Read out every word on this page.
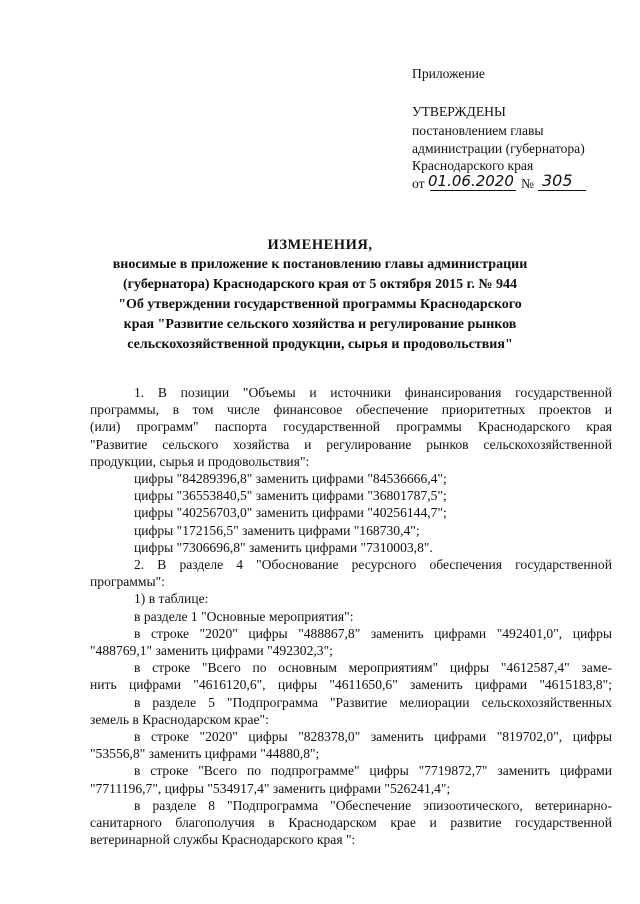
Приложение
УТВЕРЖДЕНЫ
постановлением главы
администрации (губернатора)
Краснодарского края
от 01.06.2020 № 305
ИЗМЕНЕНИЯ,
вносимые в приложение к постановлению главы администрации
(губернатора) Краснодарского края от 5 октября 2015 г. № 944
"Об утверждении государственной программы Краснодарского
края "Развитие сельского хозяйства и регулирование рынков
сельскохозяйственной продукции, сырья и продовольствия"
1. В позиции "Объемы и источники финансирования государственной
программы, в том числе финансовое обеспечение приоритетных проектов и
(или) программ" паспорта государственной программы Краснодарского края
"Развитие сельского хозяйства и регулирование рынков сельскохозяйственной
продукции, сырья и продовольствия":
цифры "84289396,8" заменить цифрами "84536666,4";
цифры "36553840,5" заменить цифрами "36801787,5";
цифры "40256703,0" заменить цифрами "40256144,7";
цифры "172156,5" заменить цифрами "168730,4";
цифры "7306696,8" заменить цифрами "7310003,8".
2. В разделе 4 "Обоснование ресурсного обеспечения государственной
программы":
1) в таблице:
в разделе 1 "Основные мероприятия":
в строке "2020" цифры "488867,8" заменить цифрами "492401,0", цифры
"488769,1" заменить цифрами "492302,3";
в строке "Всего по основным мероприятиям" цифры "4612587,4" заме-
нить цифрами "4616120,6", цифры "4611650,6" заменить цифрами "4615183,8";
в разделе 5 "Подпрограмма "Развитие мелиорации сельскохозяйственных
земель в Краснодарском крае":
в строке "2020" цифры "828378,0" заменить цифрами "819702,0", цифры
"53556,8" заменить цифрами "44880,8";
в строке "Всего по подпрограмме" цифры "7719872,7" заменить цифрами
"7711196,7", цифры "534917,4" заменить цифрами "526241,4";
в разделе 8 "Подпрограмма "Обеспечение эпизоотического, ветеринарно-
санитарного благополучия в Краснодарском крае и развитие государственной
ветеринарной службы Краснодарского края ":
